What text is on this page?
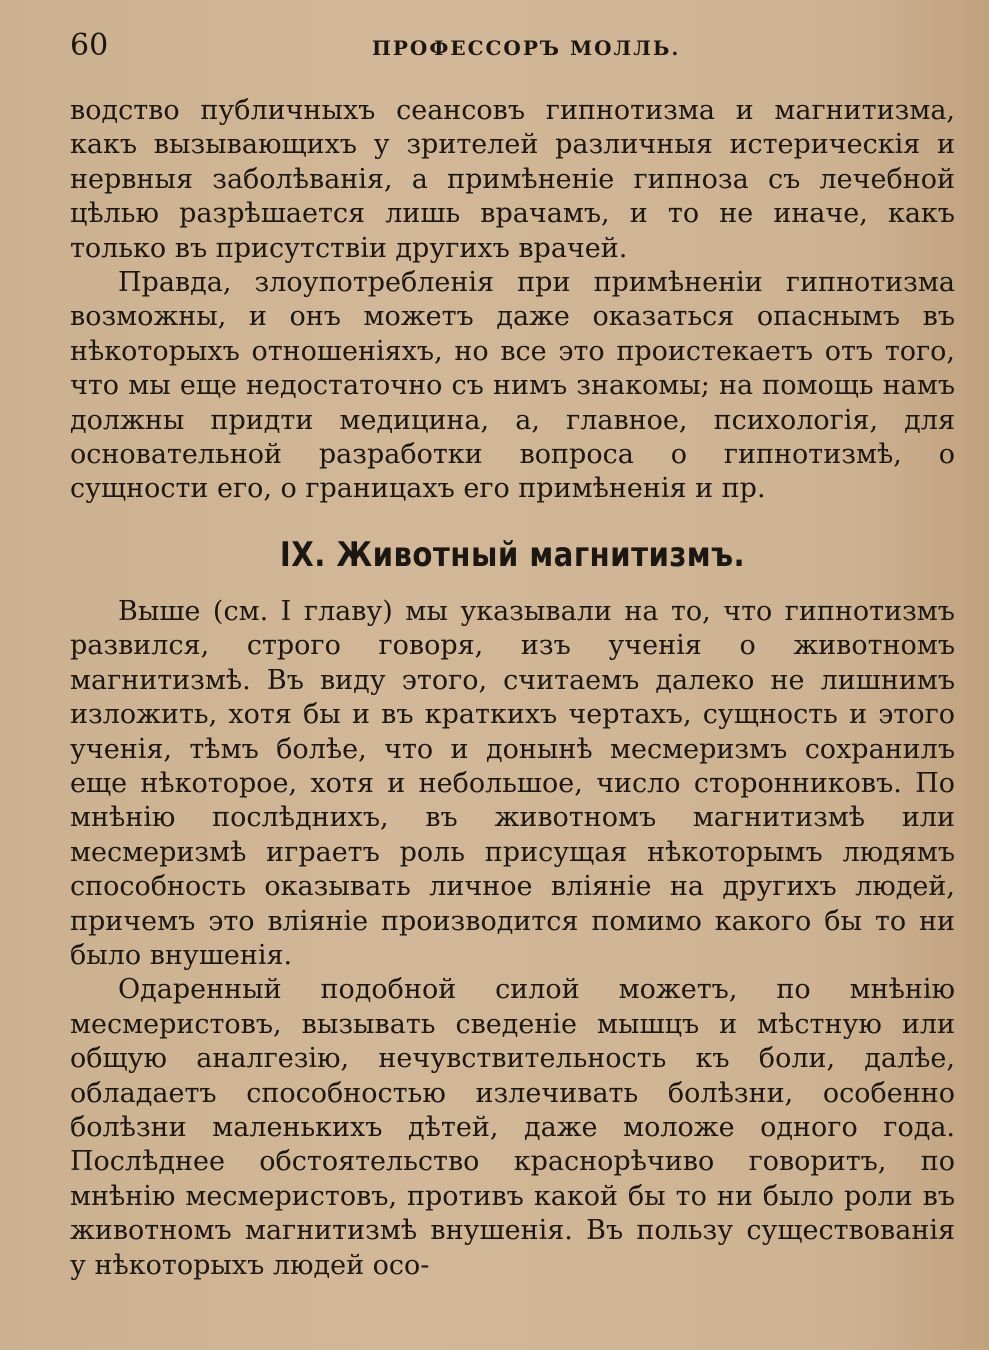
60	ПРОФЕССОРЪ МОЛЛЬ.

водство публичныхъ сеансовъ гипнотизма и магнитизма, какъ вызывающихъ у зрителей различныя истерическія и нервныя заболѣванія, а примѣненіе гипноза съ лечебной цѣлью разрѣшается лишь врачамъ, и то не иначе, какъ только въ присутствіи другихъ врачей.

Правда, злоупотребленія при примѣненіи гипнотизма возможны, и онъ можетъ даже оказаться опаснымъ въ нѣкоторыхъ отношеніяхъ, но все это проистекаетъ отъ того, что мы еще недостаточно съ нимъ знакомы; на помощь намъ должны придти медицина, а, главное, психологія, для основательной разработки вопроса о гипнотизмѣ, о сущности его, о границахъ его примѣненія и пр.

IX. Животный магнитизмъ.

Выше (см. I главу) мы указывали на то, что гипнотизмъ развился, строго говоря, изъ ученія о животномъ магнитизмѣ. Въ виду этого, считаемъ далеко не лишнимъ изложить, хотя бы и въ краткихъ чертахъ, сущность и этого ученія, тѣмъ болѣе, что и донынѣ месмеризмъ сохранилъ еще нѣкоторое, хотя и небольшое, число сторонниковъ. По мнѣнію послѣднихъ, въ животномъ магнитизмѣ или месмеризмѣ играетъ роль присущая нѣкоторымъ людямъ способность оказывать личное вліяніе на другихъ людей, причемъ это вліяніе производится помимо какого бы то ни было внушенія.

Одаренный подобной силой можетъ, по мнѣнію месмеристовъ, вызывать сведеніе мышцъ и мѣстную или общую аналгезію, нечувствительность къ боли, далѣе, обладаетъ способностью излечивать болѣзни, особенно болѣзни маленькихъ дѣтей, даже моложе одного года. Послѣднее обстоятельство краснорѣчиво говоритъ, по мнѣнію месмеристовъ, противъ какой бы то ни было роли въ животномъ магнитизмѣ внушенія. Въ пользу существованія у нѣкоторыхъ людей осо-
